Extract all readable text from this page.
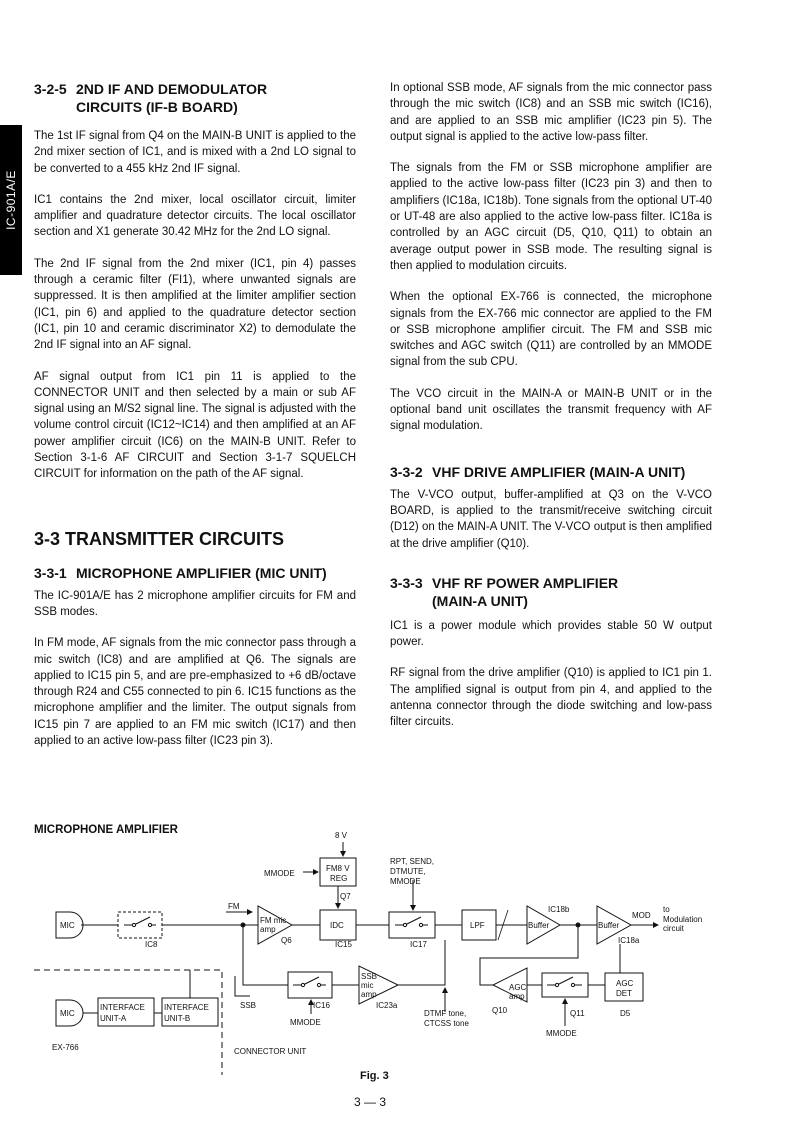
IC-901A/E
3-2-5 2ND IF AND DEMODULATOR
CIRCUITS (IF-B BOARD)

The 1st IF signal from Q4 on the MAIN-B UNIT is applied to the 2nd mixer section of IC1, and is mixed with a 2nd LO signal to be converted to a 455 kHz 2nd IF signal.

IC1 contains the 2nd mixer, local oscillator circuit, limiter amplifier and quadrature detector circuits. The local oscillator section and X1 generate 30.42 MHz for the 2nd LO signal.

The 2nd IF signal from the 2nd mixer (IC1, pin 4) passes through a ceramic filter (FI1), where unwanted signals are suppressed. It is then amplified at the limiter amplifier section (IC1, pin 6) and applied to the quadrature detector section (IC1, pin 10 and ceramic discriminator X2) to demodulate the 2nd IF signal into an AF signal.

AF signal output from IC1 pin 11 is applied to the CONNECTOR UNIT and then selected by a main or sub AF signal using an M/S2 signal line. The signal is adjusted with the volume control circuit (IC12~IC14) and then amplified at an AF power amplifier circuit (IC6) on the MAIN-B UNIT. Refer to Section 3-1-6 AF CIRCUIT and Section 3-1-7 SQUELCH CIRCUIT for information on the path of the AF signal.

3-3 TRANSMITTER CIRCUITS
3-3-1 MICROPHONE AMPLIFIER (MIC UNIT)

The IC-901A/E has 2 microphone amplifier circuits for FM and SSB modes.

In FM mode, AF signals from the mic connector pass through a mic switch (IC8) and are amplified at Q6. The signals are applied to IC15 pin 5, and are pre-emphasized to +6 dB/octave through R24 and C55 connected to pin 6. IC15 functions as the microphone amplifier and the limiter. The output signals from IC15 pin 7 are applied to an FM mic switch (IC17) and then applied to an active low-pass filter (IC23 pin 3).

In optional SSB mode, AF signals from the mic connector pass through the mic switch (IC8) and an SSB mic switch (IC16), and are applied to an SSB mic amplifier (IC23 pin 5). The output signal is applied to the active low-pass filter.

The signals from the FM or SSB microphone amplifier are applied to the active low-pass filter (IC23 pin 3) and then to amplifiers (IC18a, IC18b). Tone signals from the optional UT-40 or UT-48 are also applied to the active low-pass filter. IC18a is controlled by an AGC circuit (D5, Q10, Q11) to obtain an average output power in SSB mode. The resulting signal is then applied to modulation circuits.

When the optional EX-766 is connected, the microphone signals from the EX-766 mic connector are applied to the FM or SSB microphone amplifier circuit. The FM and SSB mic switches and AGC switch (Q11) are controlled by an MMODE signal from the sub CPU.

The VCO circuit in the MAIN-A or MAIN-B UNIT or in the optional band unit oscillates the transmit frequency with AF signal modulation.

3-3-2 VHF DRIVE AMPLIFIER (MAIN-A UNIT)

The V-VCO output, buffer-amplified at Q3 on the V-VCO BOARD, is applied to the transmit/receive switching circuit (D12) on the MAIN-A UNIT. The V-VCO output is then amplified at the drive amplifier (Q10).

3-3-3 VHF RF POWER AMPLIFIER
(MAIN-A UNIT)

IC1 is a power module which provides stable 50 W output power.

RF signal from the drive amplifier (Q10) is applied to IC1 pin 1. The amplified signal is output from pin 4, and applied to the antenna connector through the diode switching and low-pass filter circuits.

MICROPHONE AMPLIFIER	8 V
MMODE
FM8 V
REG
Q7
RPT, SEND,
DTMUTE,
MMODE
MIC
IC8
FM
FM mic
amp
Q6
IDC
IC15	IC17
LPF
IC18b
Buffer	Buffer
IC18a
MOD
to
Modulation
circuit
SSB
mic
amp
IC23a
SSB	IC16
MMODE
DTMF tone,
CTCSS tone
AGC
amp
Q10	Q11
AGC
DET
D5
MMODE
MIC
INTERFACE
UNIT-A
INTERFACE
UNIT-B
EX-766	CONNECTOR UNIT
Fig. 3
3 — 3
